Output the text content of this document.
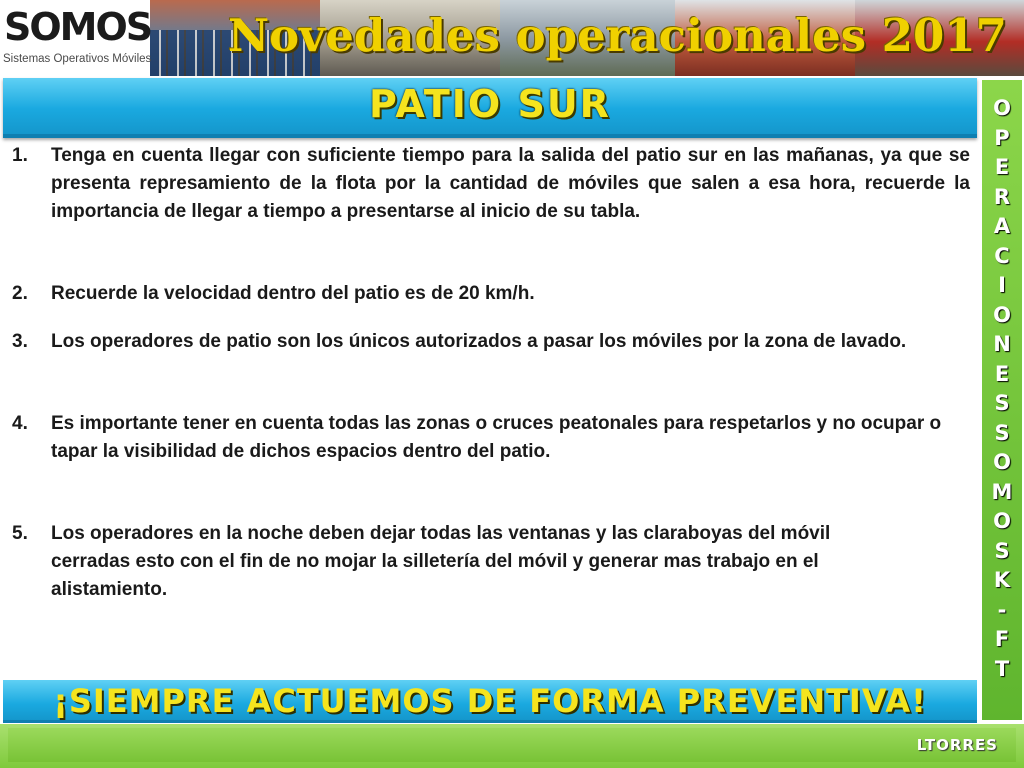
SOMOS
Sistemas Operativos Móviles Novedades operacionales 2017
PATIO SUR	O
P
E
R
A
C
I
O
N
E
S
S
O
M
O
S
K
-
F
T
1. Tenga en cuenta llegar con suficiente tiempo para la salida del patio sur en las mañanas, ya que se presenta represamiento de la flota por la cantidad de móviles que salen a esa hora, recuerde la importancia de llegar a tiempo a presentarse al inicio de su tabla.
2. Recuerde la velocidad dentro del patio es de 20 km/h.
3. Los operadores de patio son los únicos autorizados a pasar los móviles por la zona de lavado.
4. Es importante tener en cuenta todas las zonas o cruces peatonales para respetarlos y no ocupar o tapar la visibilidad de dichos espacios dentro del patio.
5. Los operadores en la noche deben dejar todas las ventanas y las claraboyas del móvil cerradas esto con el fin de no mojar la silletería del móvil y generar mas trabajo en el alistamiento.
¡SIEMPRE ACTUEMOS DE FORMA PREVENTIVA!
LTORRES
